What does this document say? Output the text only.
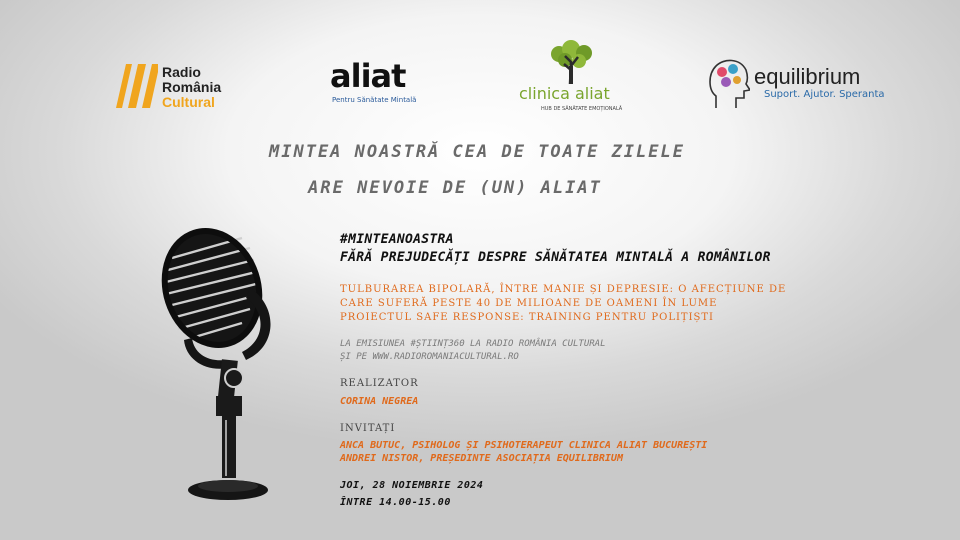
Radio
România
Cultural
aliat
Pentru Sănătate Mintală	clinica aliat
HUB DE SĂNĂTATE EMOȚIONALĂ
equilibrium
Suport. Ajutor. Speranta
MINTEA NOASTRĂ CEA DE TOATE ZILELE
ARE NEVOIE DE (UN) ALIAT
#MINTEANOASTRA
FĂRĂ PREJUDECĂȚI DESPRE SĂNĂTATEA MINTALĂ A ROMÂNILOR
TULBURAREA BIPOLARĂ, ÎNTRE MANIE ȘI DEPRESIE: O AFECȚIUNE DE
CARE SUFERĂ PESTE 40 DE MILIOANE DE OAMENI ÎN LUME
PROIECTUL SAFE RESPONSE: TRAINING PENTRU POLIȚIȘTI
LA EMISIUNEA #ȘTIINȚ360 LA RADIO ROMÂNIA CULTURAL
ȘI PE WWW.RADIOROMANIACULTURAL.RO
REALIZATOR
CORINA NEGREA
INVITAȚI
ANCA BUTUC, PSIHOLOG ȘI PSIHOTERAPEUT CLINICA ALIAT BUCUREȘTI
ANDREI NISTOR, PREȘEDINTE ASOCIAȚIA EQUILIBRIUM
JOI, 28 NOIEMBRIE 2024
ÎNTRE 14.00-15.00
